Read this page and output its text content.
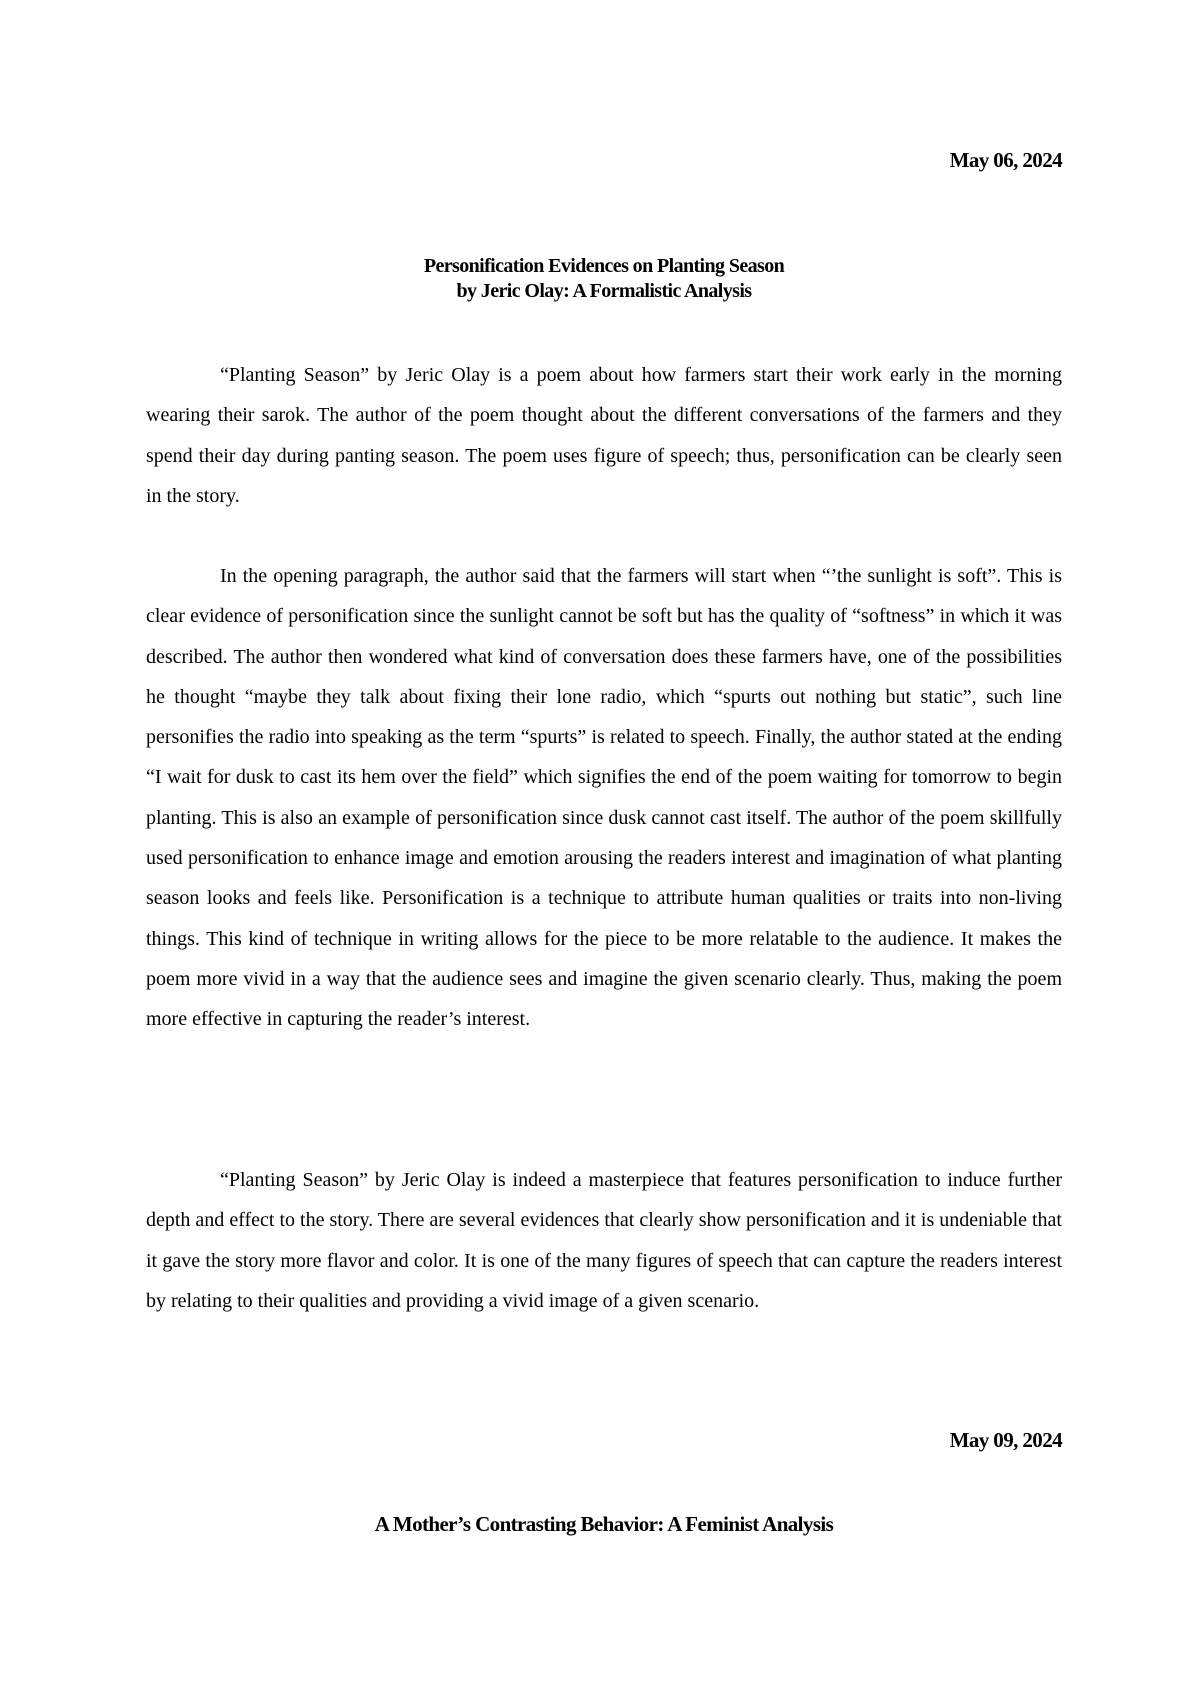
May 06, 2024
Personification Evidences on Planting Season
by Jeric Olay: A Formalistic Analysis

“Planting Season” by Jeric Olay is a poem about how farmers start their work early in the morning wearing their sarok. The author of the poem thought about the different conversations of the farmers and they spend their day during panting season. The poem uses figure of speech; thus, personification can be clearly seen in the story.

In the opening paragraph, the author said that the farmers will start when “’the sunlight is soft”. This is clear evidence of personification since the sunlight cannot be soft but has the quality of “softness” in which it was described. The author then wondered what kind of conversation does these farmers have, one of the possibilities he thought “maybe they talk about fixing their lone radio, which “spurts out nothing but static”, such line personifies the radio into speaking as the term “spurts” is related to speech. Finally, the author stated at the ending “I wait for dusk to cast its hem over the field” which signifies the end of the poem waiting for tomorrow to begin planting. This is also an example of personification since dusk cannot cast itself. The author of the poem skillfully used personification to enhance image and emotion arousing the readers interest and imagination of what planting season looks and feels like. Personification is a technique to attribute human qualities or traits into non-living things. This kind of technique in writing allows for the piece to be more relatable to the audience. It makes the poem more vivid in a way that the audience sees and imagine the given scenario clearly. Thus, making the poem more effective in capturing the reader’s interest.

“Planting Season” by Jeric Olay is indeed a masterpiece that features personification to induce further depth and effect to the story. There are several evidences that clearly show personification and it is undeniable that it gave the story more flavor and color. It is one of the many figures of speech that can capture the readers interest by relating to their qualities and providing a vivid image of a given scenario.

May 09, 2024
A Mother’s Contrasting Behavior: A Feminist Analysis
